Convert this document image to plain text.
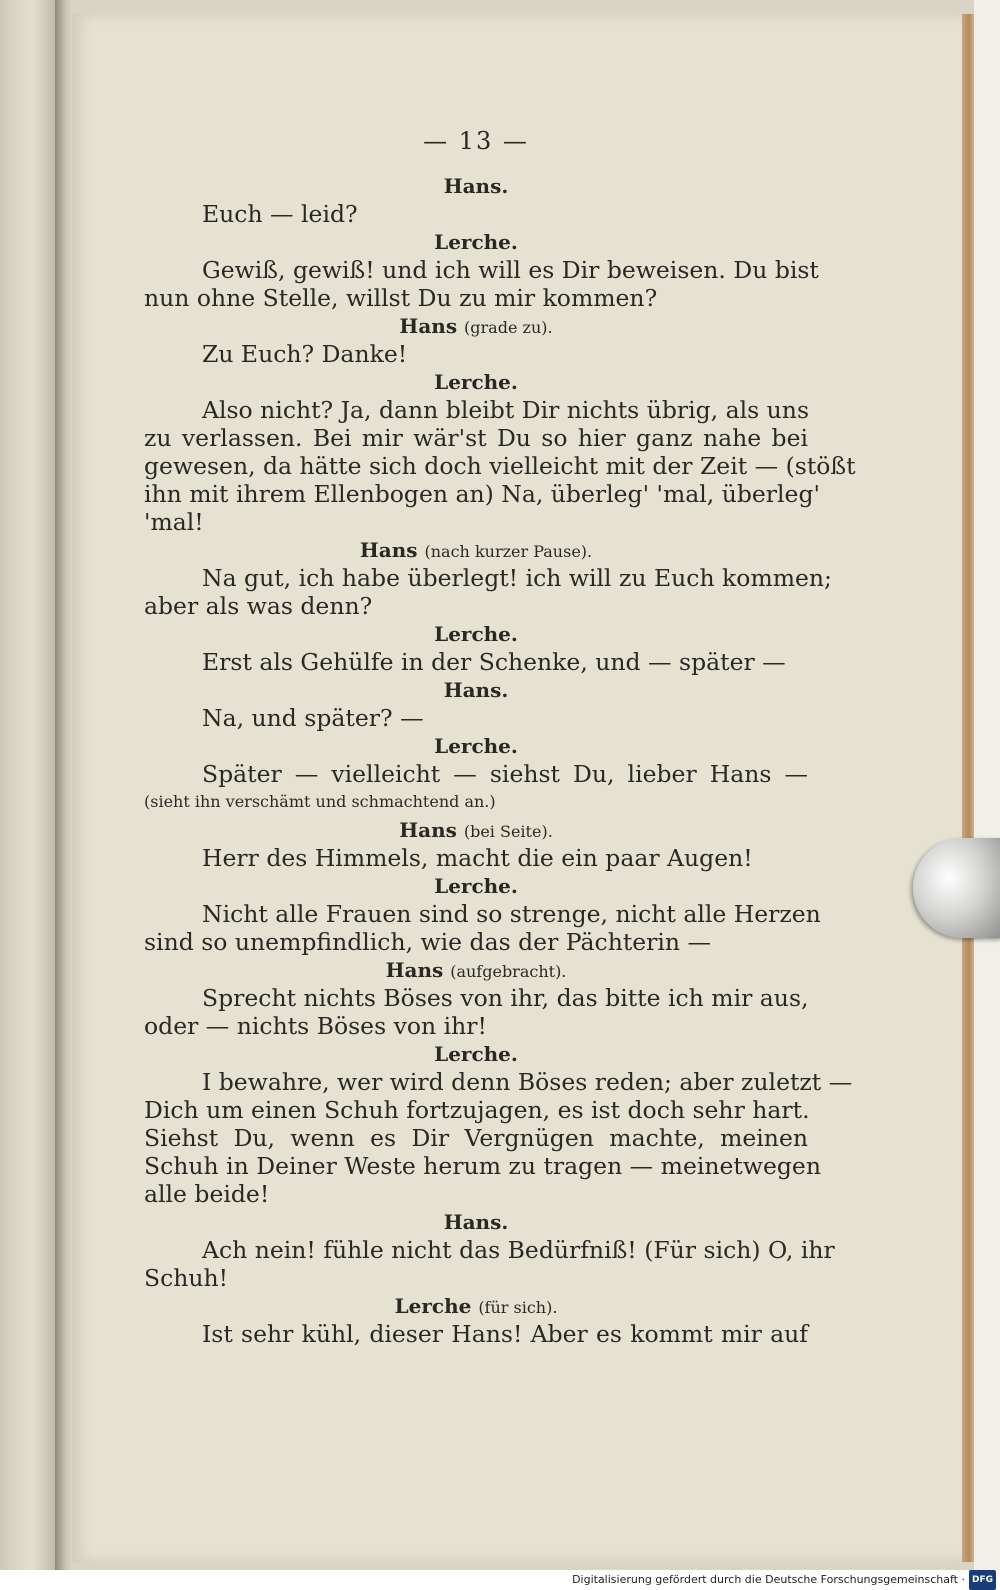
— 13 —
Hans.
Euch — leid?
Lerche.
Gewiß, gewiß! und ich will es Dir beweisen. Du bist
nun ohne Stelle, willst Du zu mir kommen?
Hans (grade zu).
Zu Euch? Danke!
Lerche.
Also nicht? Ja, dann bleibt Dir nichts übrig, als uns
zu verlassen. Bei mir wär'st Du so hier ganz nahe bei
gewesen, da hätte sich doch vielleicht mit der Zeit — (stößt
ihn mit ihrem Ellenbogen an) Na, überleg' 'mal, überleg'
'mal!
Hans (nach kurzer Pause).
Na gut, ich habe überlegt! ich will zu Euch kommen;
aber als was denn?
Lerche.
Erst als Gehülfe in der Schenke, und — später —
Hans.
Na, und später? —
Lerche.
Später — vielleicht — siehst Du, lieber Hans —
(sieht ihn verschämt und schmachtend an.)
Hans (bei Seite).
Herr des Himmels, macht die ein paar Augen!
Lerche.
Nicht alle Frauen sind so strenge, nicht alle Herzen
sind so unempfindlich, wie das der Pächterin —
Hans (aufgebracht).
Sprecht nichts Böses von ihr, das bitte ich mir aus,
oder — nichts Böses von ihr!
Lerche.
I bewahre, wer wird denn Böses reden; aber zuletzt —
Dich um einen Schuh fortzujagen, es ist doch sehr hart.
Siehst Du, wenn es Dir Vergnügen machte, meinen
Schuh in Deiner Weste herum zu tragen — meinetwegen
alle beide!
Hans.
Ach nein! fühle nicht das Bedürfniß! (Für sich) O, ihr
Schuh!
Lerche (für sich).
Ist sehr kühl, dieser Hans! Aber es kommt mir auf
Digitalisierung gefördert durch die Deutsche Forschungsgemeinschaft · DFG
